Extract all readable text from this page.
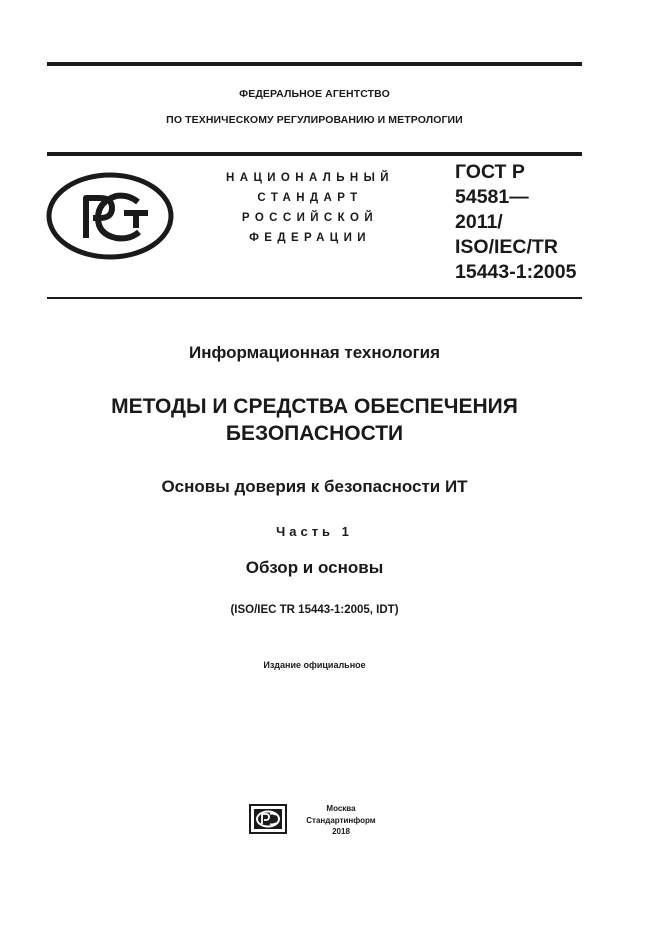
ФЕДЕРАЛЬНОЕ АГЕНТСТВО
ПО ТЕХНИЧЕСКОМУ РЕГУЛИРОВАНИЮ И МЕТРОЛОГИИ
НАЦИОНАЛЬНЫЙ
СТАНДАРТ
РОССИЙСКОЙ
ФЕДЕРАЦИИ
ГОСТ Р
54581—
2011/
ISO/IEC/TR
15443-1:2005
Информационная технология
МЕТОДЫ И СРЕДСТВА ОБЕСПЕЧЕНИЯ
БЕЗОПАСНОСТИ
Основы доверия к безопасности ИТ
Часть 1
Обзор и основы
(ISO/IEC TR 15443-1:2005, IDT)
Издание официальное
Москва
Стандартинформ
2018
